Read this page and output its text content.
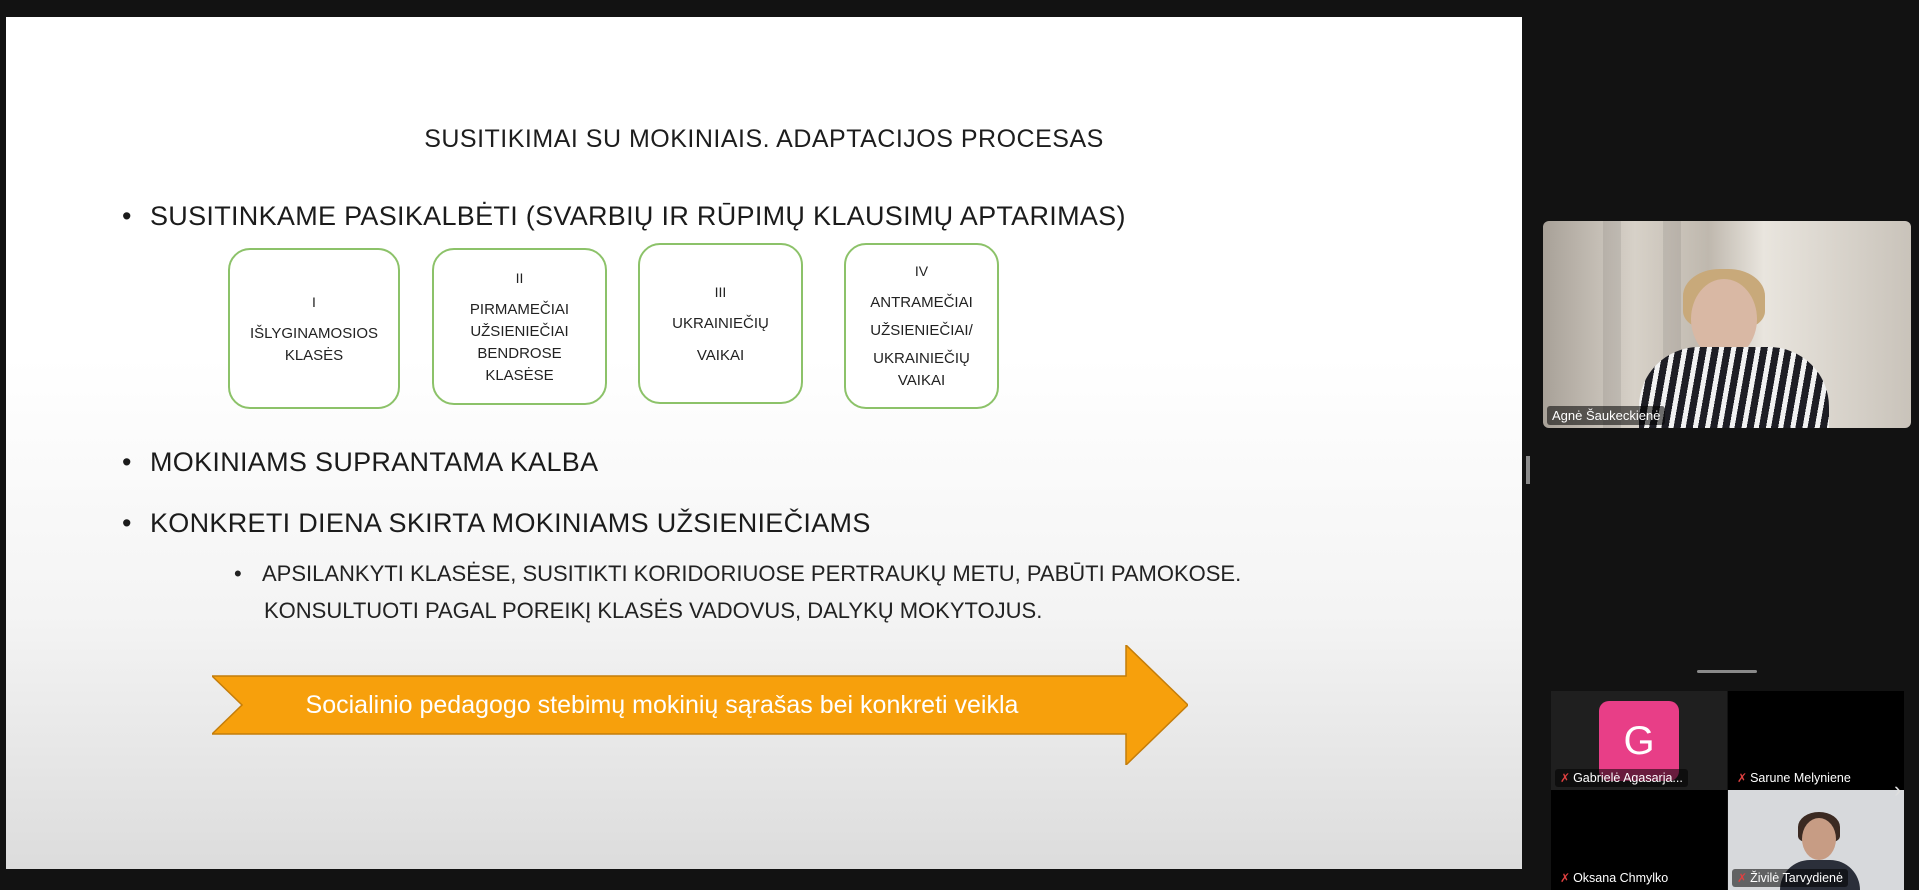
SUSITIKIMAI SU MOKINIAIS. ADAPTACIJOS PROCESAS
• SUSITINKAME PASIKALBĖTI (SVARBIŲ IR RŪPIMŲ KLAUSIMŲ APTARIMAS)
I
IŠLYGINAMOSIOS
KLASĖS
II
PIRMAMEČIAI
UŽSIENIEČIAI
BENDROSE
KLASĖSE
III
UKRAINIEČIŲ
VAIKAI
IV
ANTRAMEČIAI
UŽSIENIEČIAI/
UKRAINIEČIŲ
VAIKAI
• MOKINIAMS SUPRANTAMA KALBA
• KONKRETI DIENA SKIRTA MOKINIAMS UŽSIENIEČIAMS
• APSILANKYTI KLASĖSE, SUSITIKTI KORIDORIUOSE PERTRAUKŲ METU, PABŪTI PAMOKOSE.
KONSULTUOTI PAGAL POREIKĮ KLASĖS VADOVUS, DALYKŲ MOKYTOJUS.
Socialinio pedagogo stebimų mokinių sąrašas bei konkreti veikla
Agnė Šaukeckienė
G
✗ Gabrielė Agasarja...	✗ Sarune Melyniene
✗ Oksana Chmylko	✗ Živilė Tarvydienė
›
